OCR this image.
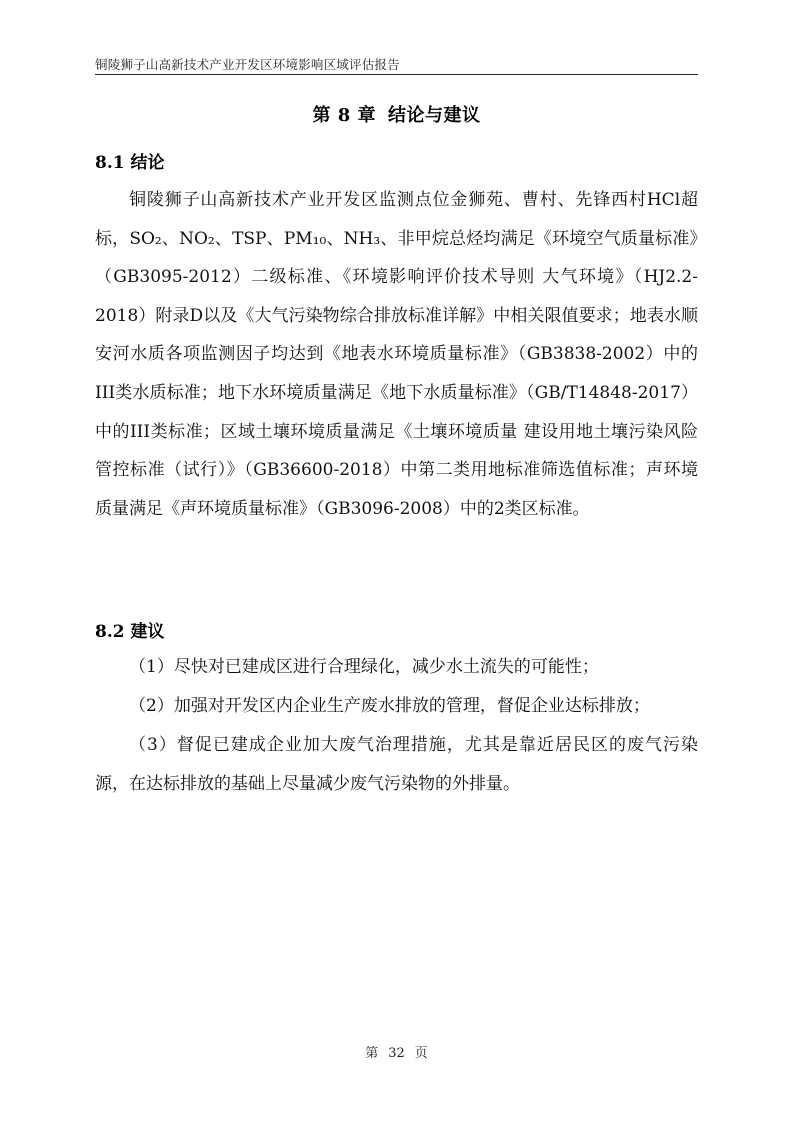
铜陵狮子山高新技术产业开发区环境影响区域评估报告
第 8 章 结论与建议
8.1 结论
铜陵狮子山高新技术产业开发区监测点位金狮苑、曹村、先锋西村HCl超标，SO₂、NO₂、TSP、PM₁₀、NH₃、非甲烷总烃均满足《环境空气质量标准》（GB3095-2012）二级标准、《环境影响评价技术导则 大气环境》（HJ2.2-2018）附录D以及《大气污染物综合排放标准详解》中相关限值要求；地表水顺安河水质各项监测因子均达到《地表水环境质量标准》（GB3838-2002）中的III类水质标准；地下水环境质量满足《地下水质量标准》（GB/T14848-2017）中的III类标准；区域土壤环境质量满足《土壤环境质量 建设用地土壤污染风险管控标准（试行）》（GB36600-2018）中第二类用地标准筛选值标准；声环境质量满足《声环境质量标准》（GB3096-2008）中的2类区标准。
8.2 建议
（1）尽快对已建成区进行合理绿化，减少水土流失的可能性；
（2）加强对开发区内企业生产废水排放的管理，督促企业达标排放；
（3）督促已建成企业加大废气治理措施，尤其是靠近居民区的废气污染源，在达标排放的基础上尽量减少废气污染物的外排量。
第 32 页
